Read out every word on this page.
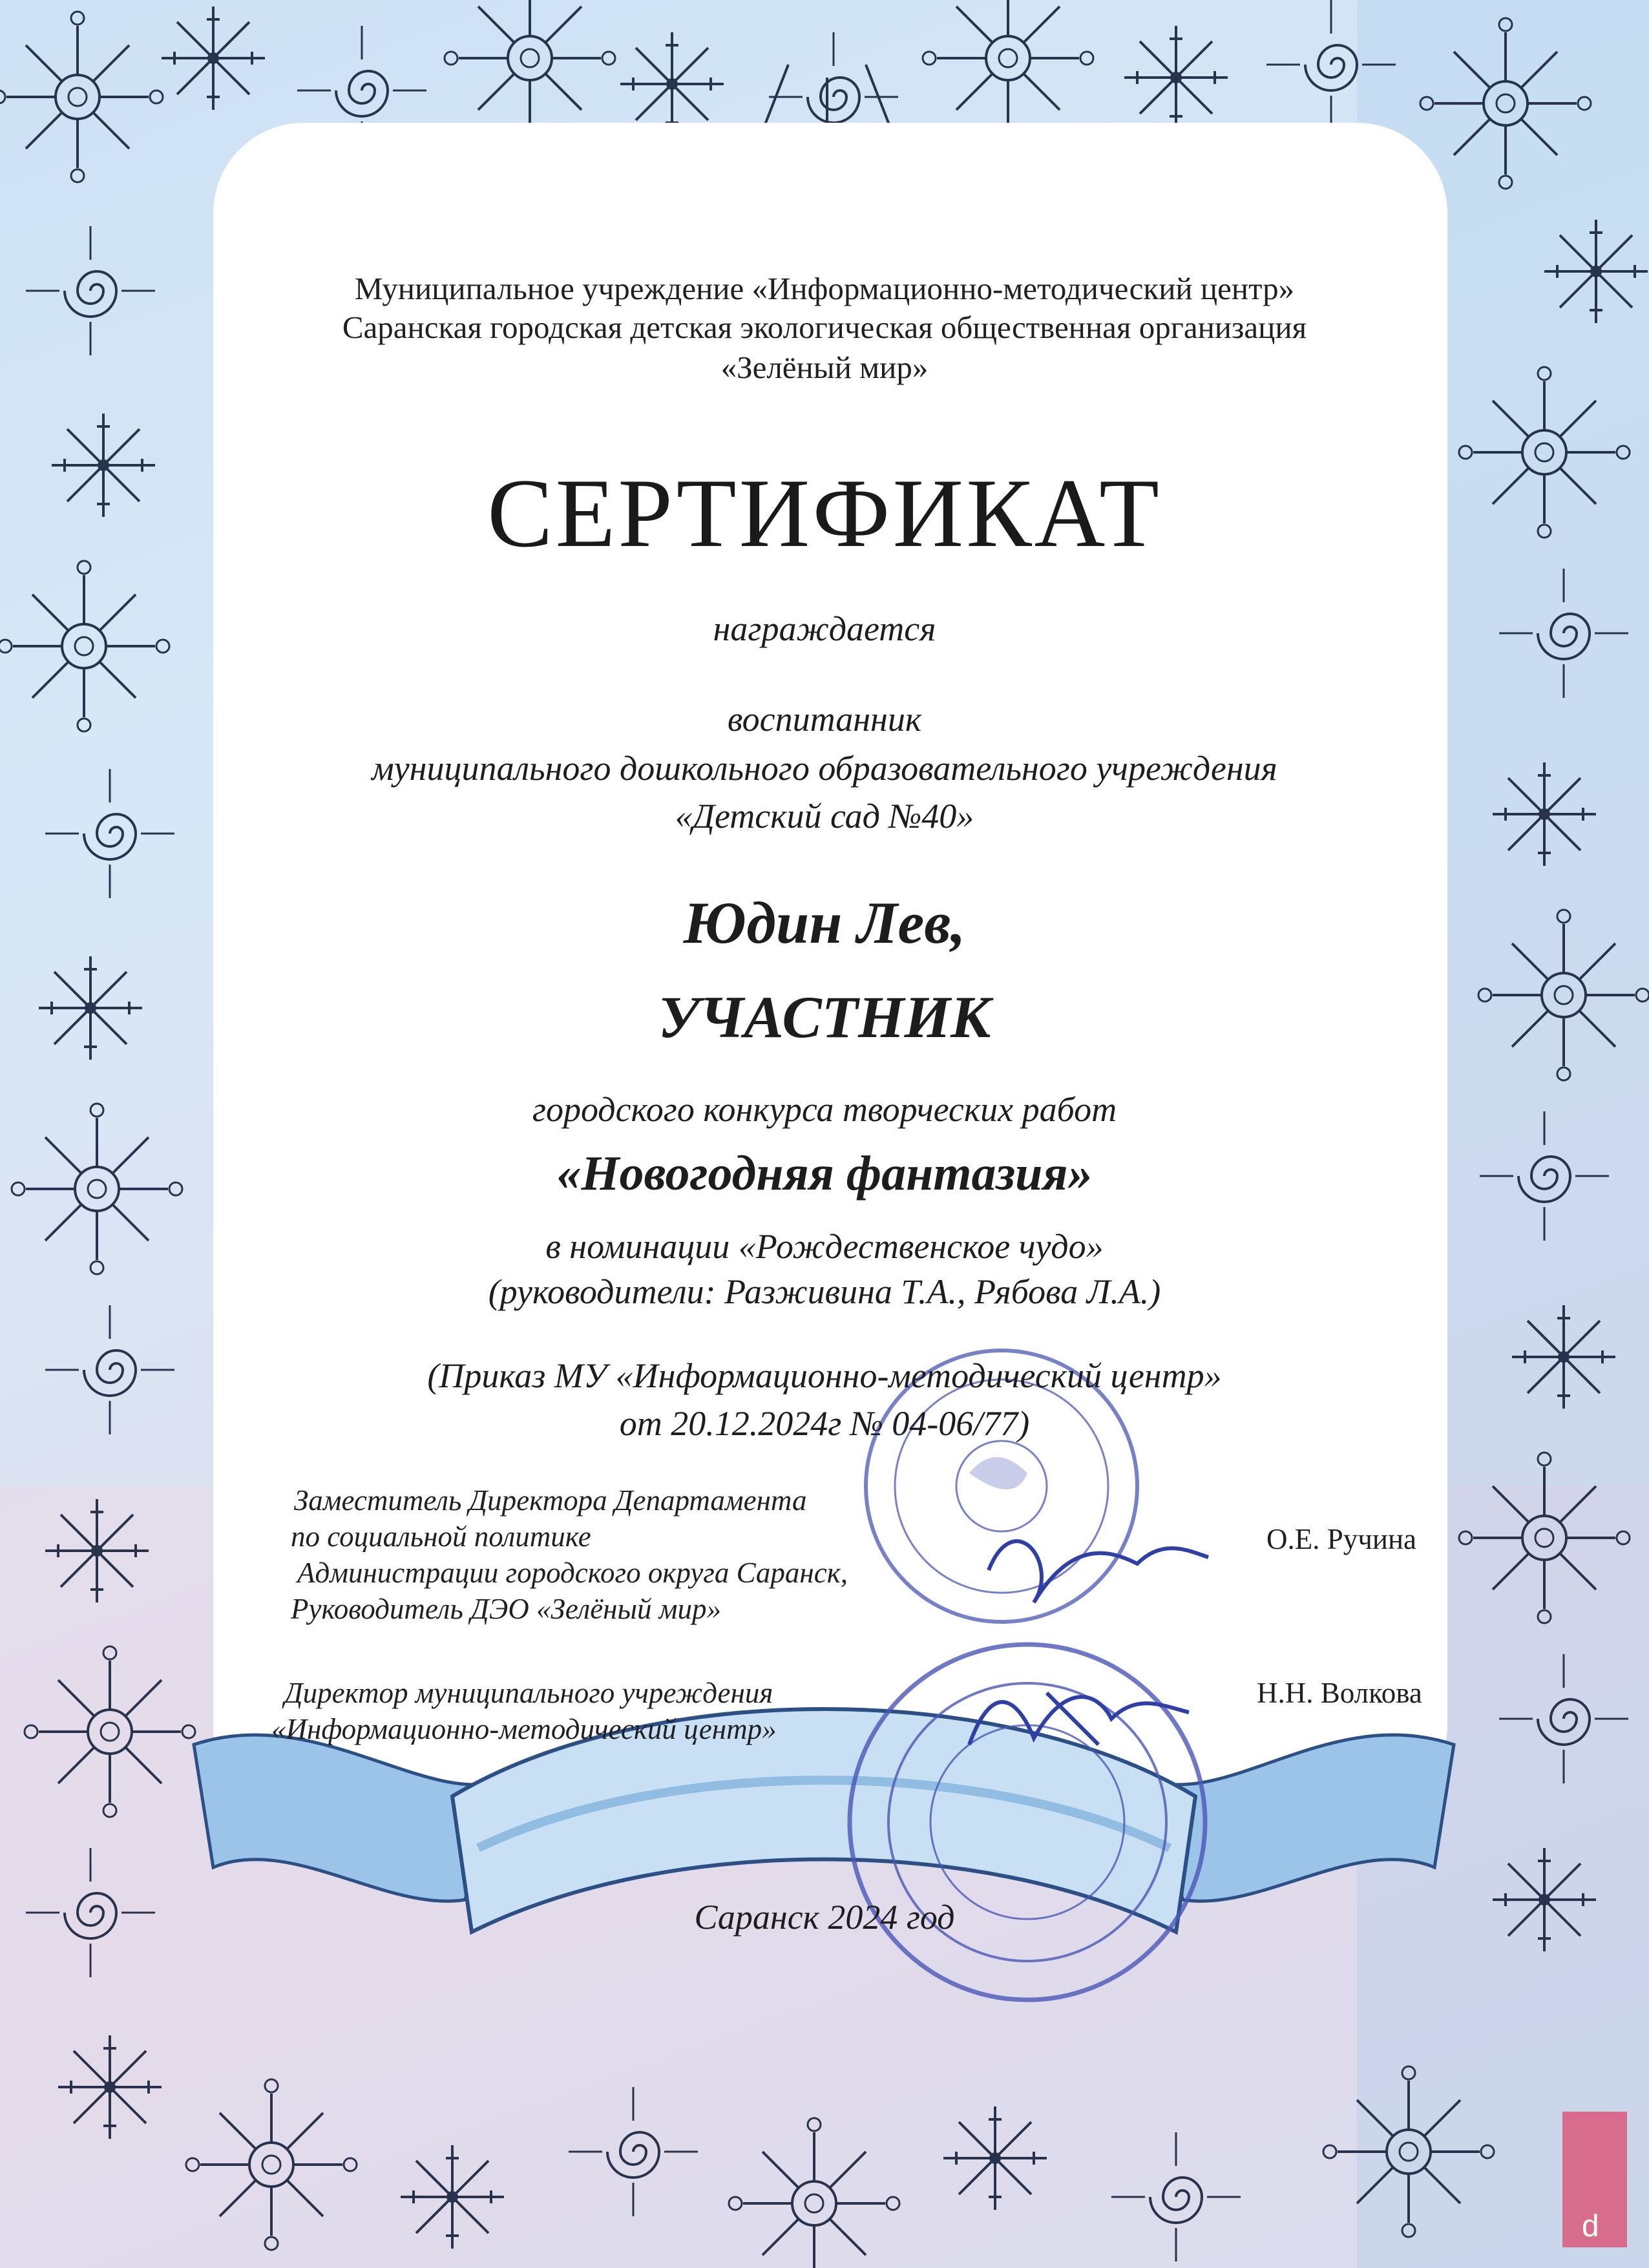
Муниципальное учреждение «Информационно-методический центр»
Саранская городская детская экологическая общественная организация
«Зелёный мир»
СЕРТИФИКАТ
награждается
воспитанник
муниципального дошкольного образовательного учреждения
«Детский сад №40»
Юдин Лев,
УЧАСТНИК
городского конкурса творческих работ
«Новогодняя фантазия»
в номинации «Рождественское чудо»
(руководители: Разживина Т.А., Рябова Л.А.)
(Приказ МУ «Информационно-методический центр»
от 20.12.2024г № 04-06/77)
Заместитель Директора Департамента
по социальной политике
Администрации городского округа Саранск,
Руководитель ДЭО «Зелёный мир»
О.Е. Ручина
Директор муниципального учреждения
«Информационно-методический центр»
Н.Н. Волкова
Саранск 2024 год
d
